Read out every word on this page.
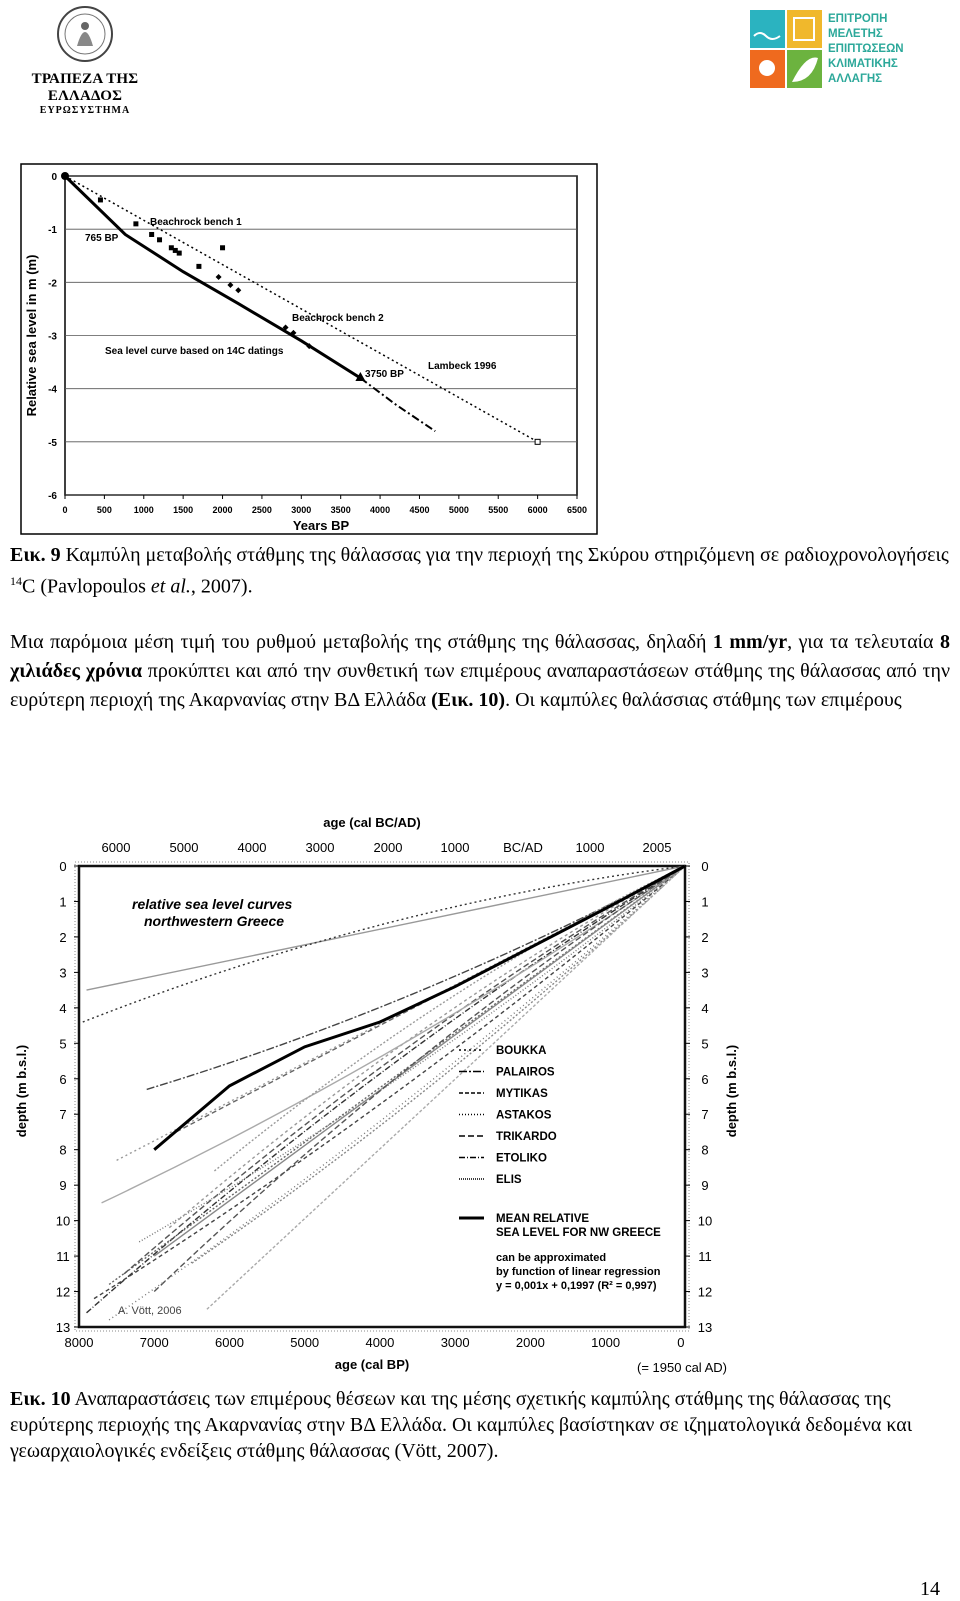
ΤΡΑΠΕΖΑ ΤΗΣ ΕΛΛΑΔΟΣ
ΕΥΡΩΣΥΣΤΗΜΑ
ΕΠΙΤΡΟΠΗ
ΜΕΛΕΤΗΣ
ΕΠΙΠΤΩΣΕΩΝ
ΚΛΙΜΑΤΙΚΗΣ
ΑΛΛΑΓΗΣ
0
-1
-2
-3
-4
-5
-6
0	500 1000 1500 2000 2500 3000 3500 4000 4500 5000 5500 6000 6500
Years BP
Relative sea level in m (m)
Beachrock bench 1
765 BP
Beachrock bench 2
Sea level curve based on 14C datings
3750 BP
Lambeck 1996
Εικ. 9 Καμπύλη μεταβολής στάθμης της θάλασσας για την περιοχή της Σκύρου στηριζόμενη σε ραδιοχρονολογήσεις $^{14}$C (Pavlopoulos et al., 2007).
Μια παρόμοια μέση τιμή του ρυθμού μεταβολής της στάθμης της θάλασσας, δηλαδή 1 mm/yr, για τα τελευταία 8 χιλιάδες χρόνια προκύπτει και από την συνθετική των επιμέρους αναπαραστάσεων στάθμης της θάλασσας από την ευρύτερη περιοχή της Ακαρνανίας στην ΒΔ Ελλάδα (Εικ. 10). Οι καμπύλες θαλάσσιας στάθμης των επιμέρους
0	0
1	1
2	2
3	3
4	4
5	5
6	6
7	7
8	8
9	9
10	10
11	11
12	12
13	13
8000	7000	6000	5000	4000	3000	2000	1000	0
(= 1950 cal AD)
6000	5000	4000	3000	2000	1000	BC/AD	1000	2005
age (cal BC/AD)
age (cal BP)
depth (m b.s.l.)	depth (m b.s.l.)
BOUKKA
PALAIROS
MYTIKAS
ASTAKOS
TRIKARDO
ETOLIKO
ELIS
MEAN RELATIVE
SEA LEVEL FOR NW GREECE
relative sea level curves
northwestern Greece
can be approximated
by function of linear regression
y = 0,001x + 0,1997 (R² = 0,997)
A. Vött, 2006
Εικ. 10 Αναπαραστάσεις των επιμέρους θέσεων και της μέσης σχετικής καμπύλης στάθμης της θάλασσας της ευρύτερης περιοχής της Ακαρνανίας στην ΒΔ Ελλάδα. Οι καμπύλες βασίστηκαν σε ιζηματολογικά δεδομένα και γεωαρχαιολογικές ενδείξεις στάθμης θάλασσας (Vött, 2007).
14
